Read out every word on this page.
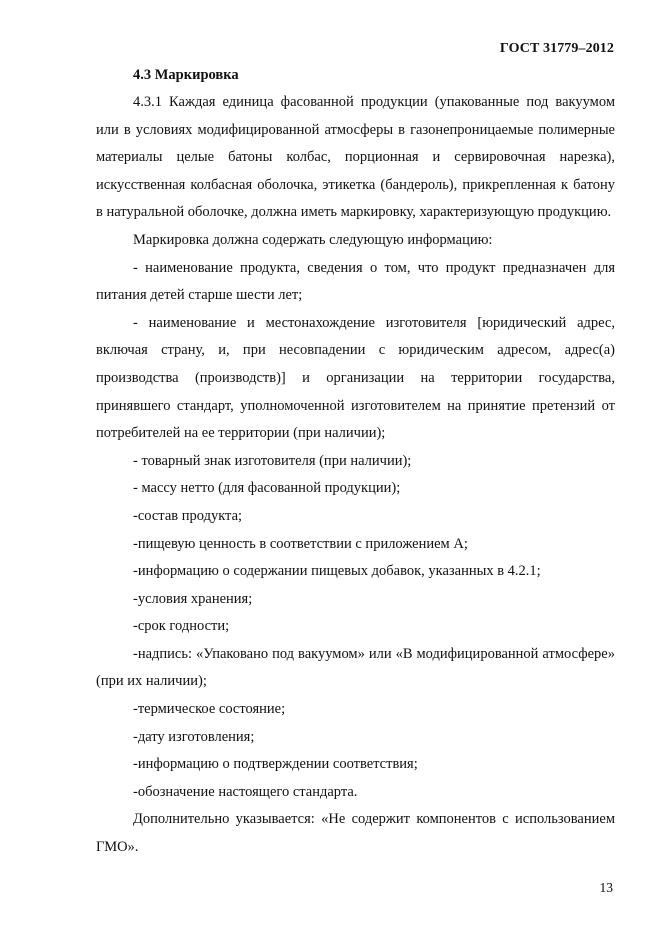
ГОСТ 31779–2012
4.3 Маркировка

4.3.1 Каждая единица фасованной продукции (упакованные под вакуумом или в условиях модифицированной атмосферы в газонепроницаемые полимерные материалы целые батоны колбас, порционная и сервировочная нарезка), искусственная колбасная оболочка, этикетка (бандероль), прикрепленная к батону в натуральной оболочке, должна иметь маркировку, характеризующую продукцию.

Маркировка должна содержать следующую информацию:

- наименование продукта, сведения о том, что продукт предназначен для питания детей старше шести лет;

- наименование и местонахождение изготовителя [юридический адрес, включая страну, и, при несовпадении с юридическим адресом, адрес(а) производства (производств)] и организации на территории государства, принявшего стандарт, уполномоченной изготовителем на принятие претензий от потребителей на ее территории (при наличии);

- товарный знак изготовителя (при наличии);

- массу нетто (для фасованной продукции);

-состав продукта;

-пищевую ценность в соответствии с приложением А;

-информацию о содержании пищевых добавок, указанных в 4.2.1;

-условия хранения;

-срок годности;

-надпись: «Упаковано под вакуумом» или «В модифицированной атмосфере» (при их наличии);

-термическое состояние;

-дату изготовления;

-информацию о подтверждении соответствия;

-обозначение настоящего стандарта.

Дополнительно указывается: «Не содержит компонентов с использованием ГМО».

13
